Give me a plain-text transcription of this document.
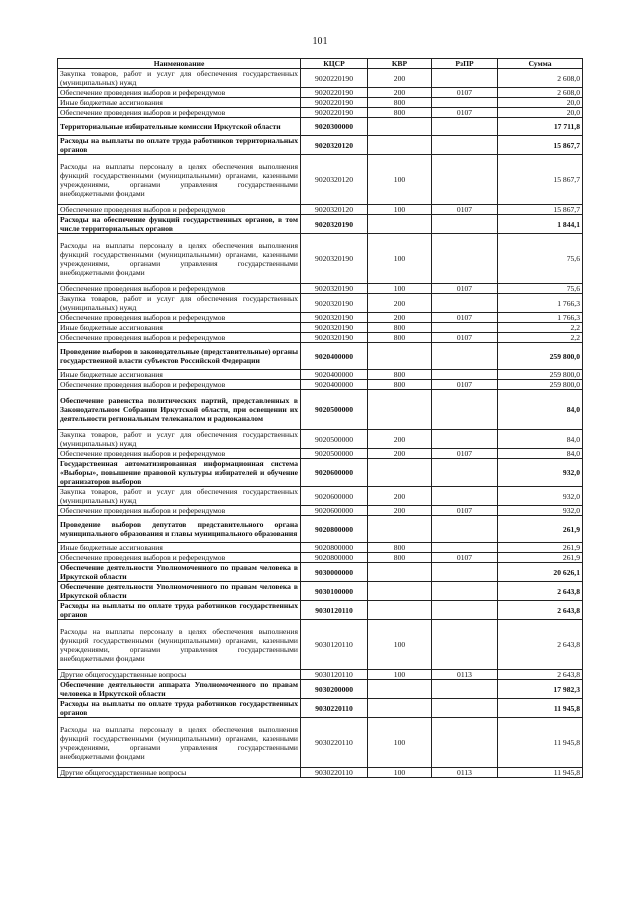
101
Наименование	КЦСР	КВР	РзПР	Сумма
Закупка товаров, работ и услуг для обеспечения государственных (муниципальных) нужд	9020220190	200		2 608,0
Обеспечение проведения выборов и референдумов	9020220190	200	0107	2 608,0
Иные бюджетные ассигнования	9020220190	800		20,0
Обеспечение проведения выборов и референдумов	9020220190	800	0107	20,0
Территориальные избирательные комиссии Иркутской области	9020300000			17 711,8
Расходы на выплаты по оплате труда работников территориальных органов	9020320120			15 867,7
Расходы на выплаты персоналу в целях обеспечения выполнения функций государственными (муниципальными) органами, казенными учреждениями, органами управления государственными внебюджетными фондами	9020320120	100		15 867,7
Обеспечение проведения выборов и референдумов	9020320120	100	0107	15 867,7
Расходы на обеспечение функций государственных органов, в том числе территориальных органов	9020320190			1 844,1
Расходы на выплаты персоналу в целях обеспечения выполнения функций государственными (муниципальными) органами, казенными учреждениями, органами управления государственными внебюджетными фондами	9020320190	100		75,6
Обеспечение проведения выборов и референдумов	9020320190	100	0107	75,6
Закупка товаров, работ и услуг для обеспечения государственных (муниципальных) нужд	9020320190	200		1 766,3
Обеспечение проведения выборов и референдумов	9020320190	200	0107	1 766,3
Иные бюджетные ассигнования	9020320190	800		2,2
Обеспечение проведения выборов и референдумов	9020320190	800	0107	2,2
Проведение выборов в законодательные (представительные) органы государственной власти субъектов Российской Федерации	9020400000			259 800,0
Иные бюджетные ассигнования	9020400000	800		259 800,0
Обеспечение проведения выборов и референдумов	9020400000	800	0107	259 800,0
Обеспечение равенства политических партий, представленных в Законодательном Собрании Иркутской области, при освещении их деятельности региональным телеканалом и радиоканалом	9020500000			84,0
Закупка товаров, работ и услуг для обеспечения государственных (муниципальных) нужд	9020500000	200		84,0
Обеспечение проведения выборов и референдумов	9020500000	200	0107	84,0
Государственная автоматизированная информационная система «Выборы», повышение правовой культуры избирателей и обучение организаторов выборов	9020600000			932,0
Закупка товаров, работ и услуг для обеспечения государственных (муниципальных) нужд	9020600000	200		932,0
Обеспечение проведения выборов и референдумов	9020600000	200	0107	932,0
Проведение выборов депутатов представительного органа муниципального образования и главы муниципального образования	9020800000			261,9
Иные бюджетные ассигнования	9020800000	800		261,9
Обеспечение проведения выборов и референдумов	9020800000	800	0107	261,9
Обеспечение деятельности Уполномоченного по правам человека в Иркутской области	9030000000			20 626,1
Обеспечение деятельности Уполномоченного по правам человека в Иркутской области	9030100000			2 643,8
Расходы на выплаты по оплате труда работников государственных органов	9030120110			2 643,8
Расходы на выплаты персоналу в целях обеспечения выполнения функций государственными (муниципальными) органами, казенными учреждениями, органами управления государственными внебюджетными фондами	9030120110	100		2 643,8
Другие общегосударственные вопросы	9030120110	100	0113	2 643,8
Обеспечение деятельности аппарата Уполномоченного по правам человека в Иркутской области	9030200000			17 982,3
Расходы на выплаты по оплате труда работников государственных органов	9030220110			11 945,8
Расходы на выплаты персоналу в целях обеспечения выполнения функций государственными (муниципальными) органами, казенными учреждениями, органами управления государственными внебюджетными фондами	9030220110	100		11 945,8
Другие общегосударственные вопросы	9030220110	100	0113	11 945,8
